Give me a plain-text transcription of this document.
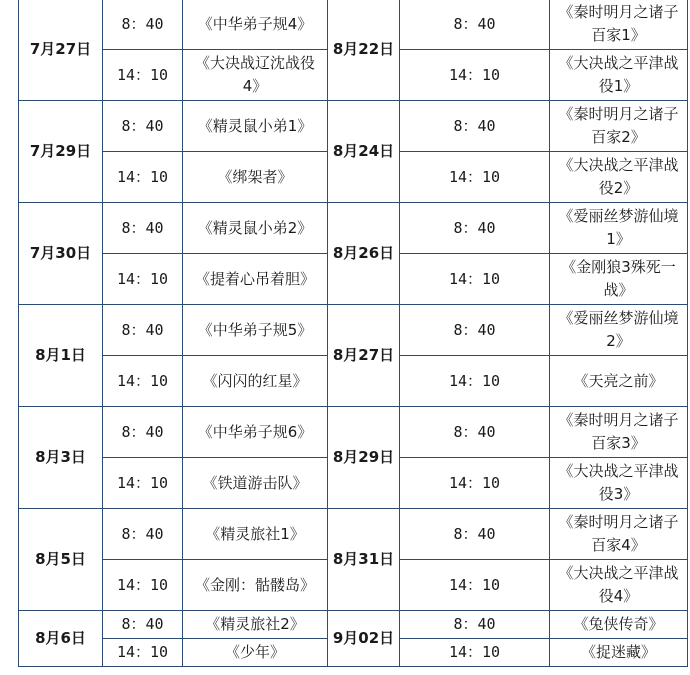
7月27日	8：40	《中华弟子规4》	8月22日	8：40	《秦时明月之诸子百家1》
	14：10	《大决战辽沈战役4》		14：10	《大决战之平津战役1》
7月29日	8：40	《精灵鼠小弟1》	8月24日	8：40	《秦时明月之诸子百家2》
	14：10	《绑架者》		14：10	《大决战之平津战役2》
7月30日	8：40	《精灵鼠小弟2》	8月26日	8：40	《爱丽丝梦游仙境1》
	14：10	《提着心吊着胆》		14：10	《金刚狼3殊死一战》
8月1日	8：40	《中华弟子规5》	8月27日	8：40	《爱丽丝梦游仙境2》
	14：10	《闪闪的红星》		14：10	《天亮之前》
8月3日	8：40	《中华弟子规6》	8月29日	8：40	《秦时明月之诸子百家3》
	14：10	《铁道游击队》		14：10	《大决战之平津战役3》
8月5日	8：40	《精灵旅社1》	8月31日	8：40	《秦时明月之诸子百家4》
	14：10	《金刚：骷髅岛》		14：10	《大决战之平津战役4》
8月6日	8：40	《精灵旅社2》	9月02日	8：40	《兔侠传奇》
	14：10	《少年》		14：10	《捉迷藏》
